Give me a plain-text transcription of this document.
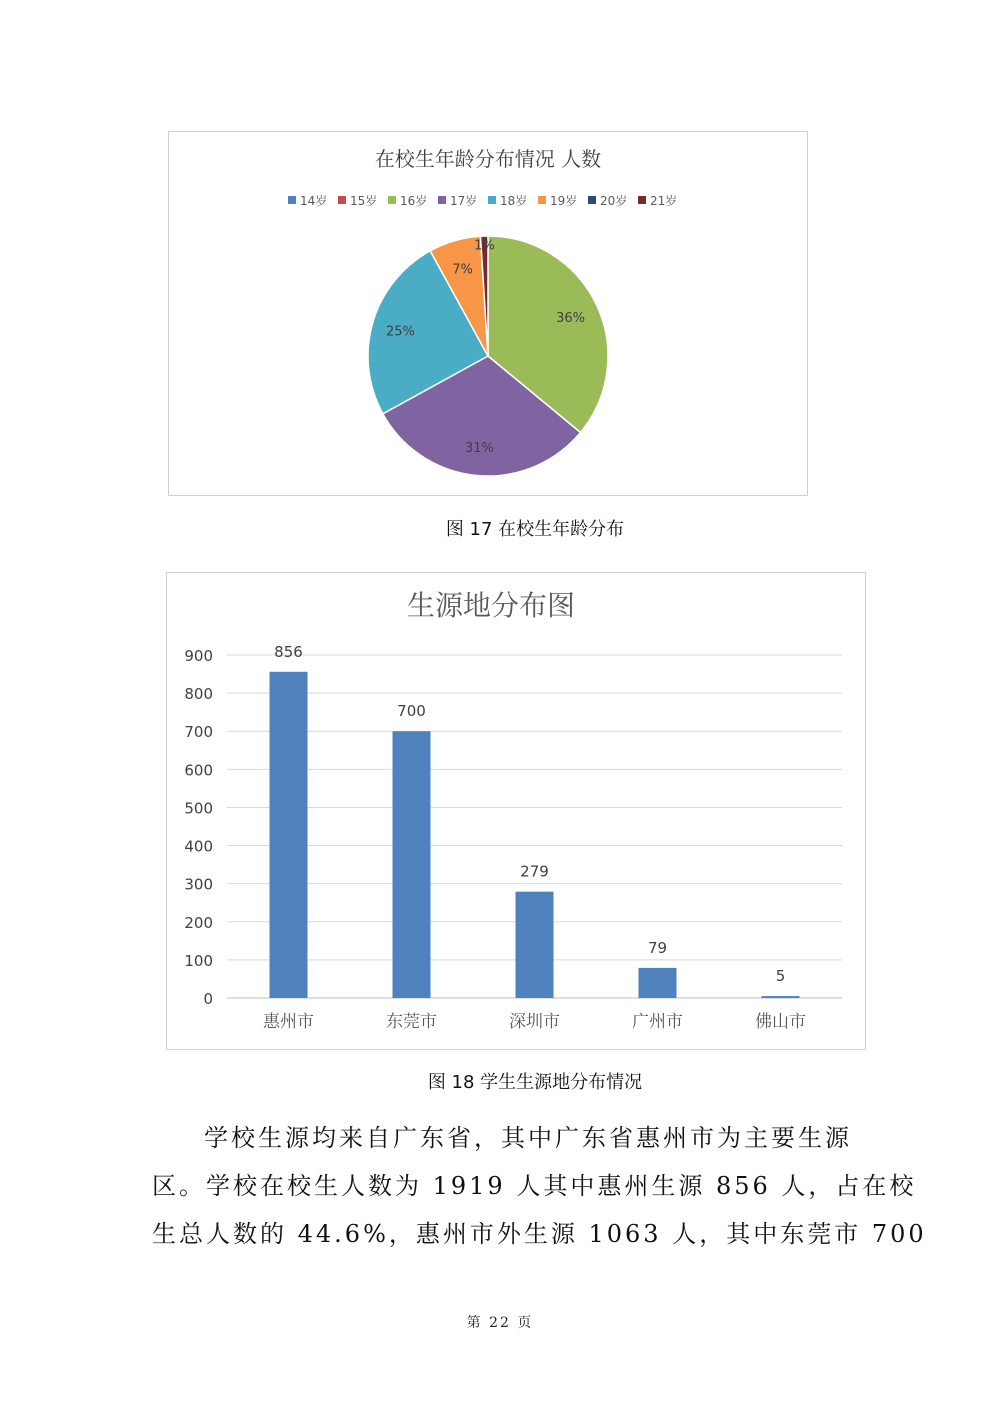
在校生年龄分布情况 人数
14岁 15岁 16岁 17岁 18岁 19岁 20岁 21岁
36%
31%
25%
7%
1%
图 17 在校生年龄分布
生源地分布图
0
100
200
300
400
500
600
700
800
900	856
惠州市
700
东莞市
279
深圳市
79
广州市
5
佛山市
图 18 学生生源地分布情况
学校生源均来自广东省，其中广东省惠州市为主要生源
区。学校在校生人数为 1919 人其中惠州生源 856 人，占在校
生总人数的 44.6%，惠州市外生源 1063 人，其中东莞市 700
第 22 页
